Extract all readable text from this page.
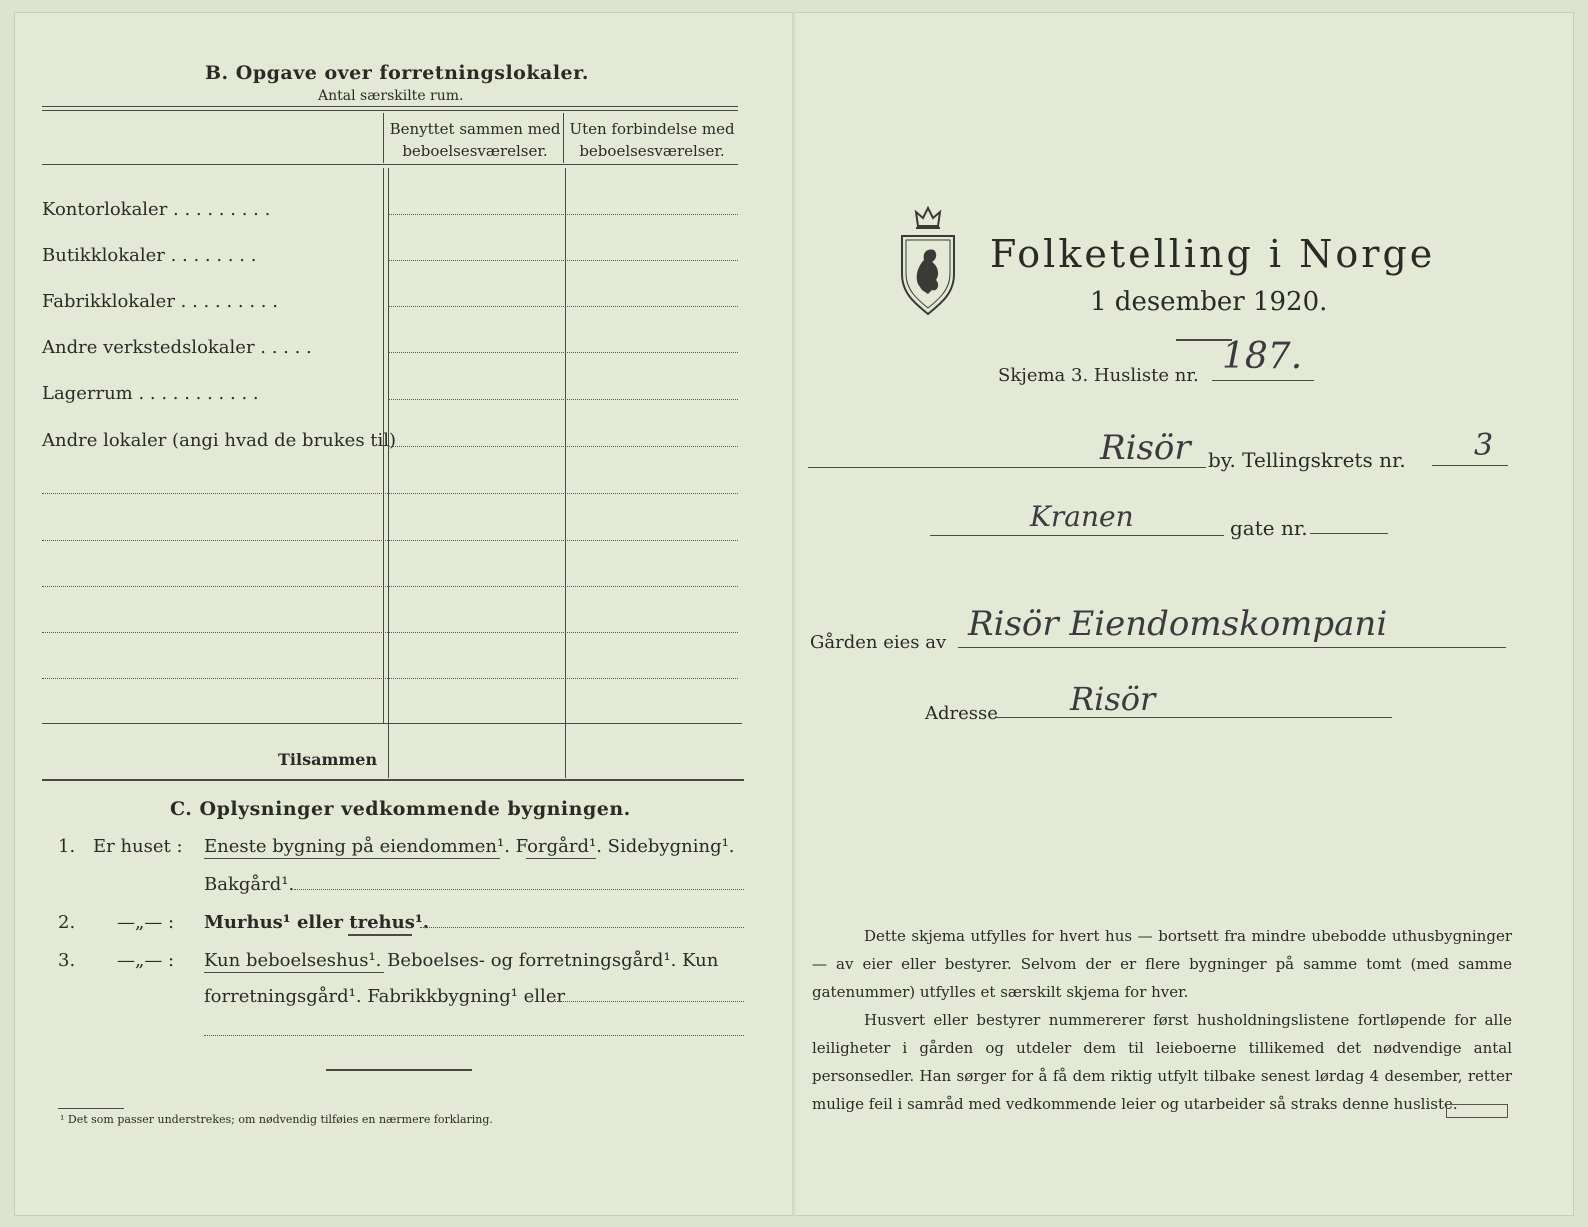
B. Opgave over forretningslokaler.
Antal særskilte rum.
Benyttet sammen med beboelsesværelser.
Uten forbindelse med beboelsesværelser.
Kontorlokaler . . . . . . . . .
Butikklokaler . . . . . . . .
Fabrikklokaler . . . . . . . . .
Andre verkstedslokaler . . . . .
Lagerrum . . . . . . . . . . .
Andre lokaler (angi hvad de brukes til)
Tilsammen
C. Oplysninger vedkommende bygningen.
1. Er huset : Eneste bygning på eiendommen¹. Forgård¹. Sidebygning¹.
Bakgård¹.
2. —„— : Murhus¹ eller trehus¹.
3. —„— : Kun beboelseshus¹. Beboelses- og forretningsgård¹. Kun
forretningsgård¹. Fabrikkbygning¹ eller
¹ Det som passer understrekes; om nødvendig tilføies en nærmere forklaring.
Folketelling i Norge
1 desember 1920.
Skjema 3. Husliste nr. 187.
Risör by. Tellingskrets nr. 3
Kranen	gate nr.
Gården eies av Risör Eiendomskompani
Adresse Risör
Dette skjema utfylles for hvert hus — bortsett fra mindre ubebodde uthusbygninger — av eier eller bestyrer. Selvom der er flere bygninger på samme tomt (med samme gatenummer) utfylles et særskilt skjema for hver.
Husvert eller bestyrer nummererer først husholdningslistene fortløpende for alle leiligheter i gården og utdeler dem til leieboerne tillikemed det nødvendige antal personsedler. Han sørger for å få dem riktig utfylt tilbake senest lørdag 4 desember, retter mulige feil i samråd med vedkommende leier og utarbeider så straks denne husliste.
